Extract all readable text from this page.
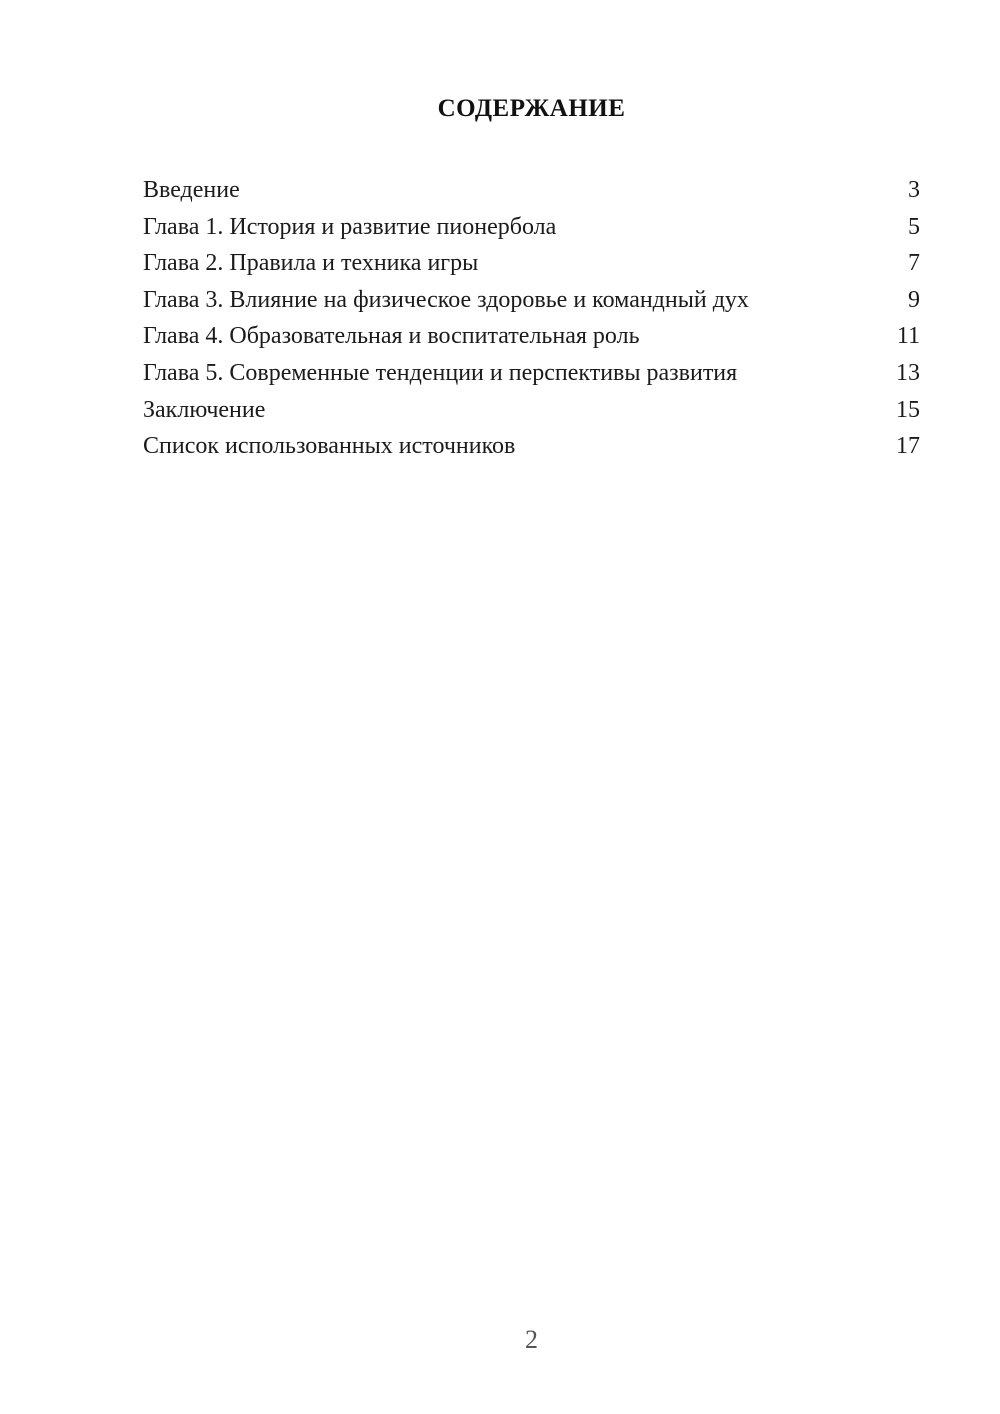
СОДЕРЖАНИЕ
Введение	3
Глава 1. История и развитие пионербола	5
Глава 2. Правила и техника игры	7
Глава 3. Влияние на физическое здоровье и командный дух	9
Глава 4. Образовательная и воспитательная роль	11
Глава 5. Современные тенденции и перспективы развития	13
Заключение	15
Список использованных источников	17
2
